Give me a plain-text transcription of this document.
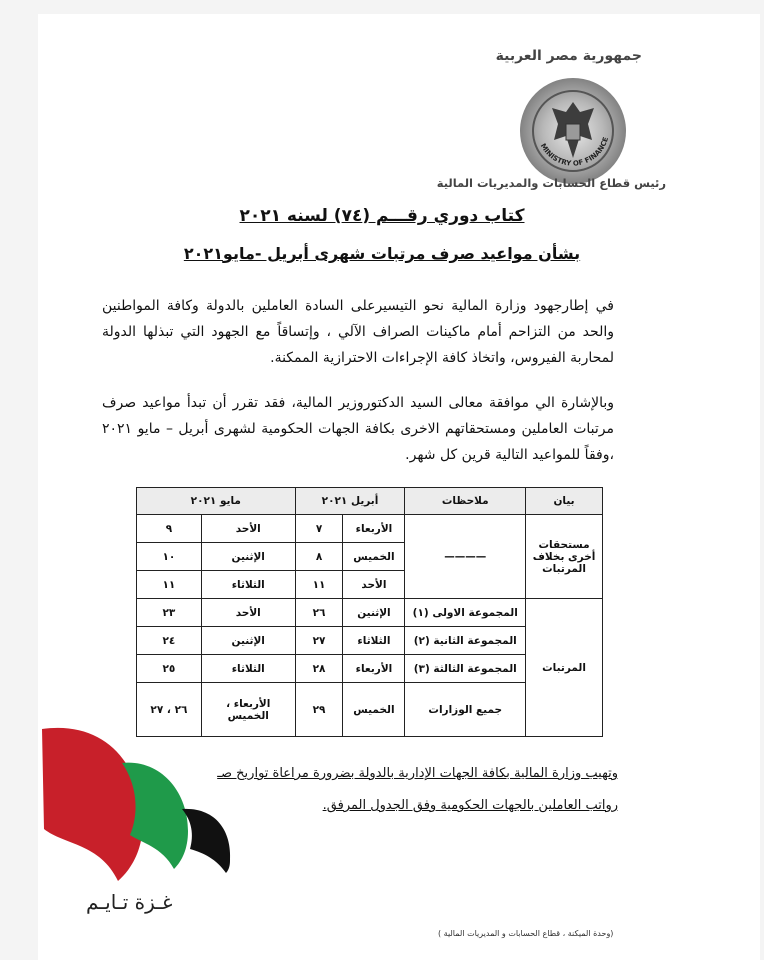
جمهورية مصر العربية
MINISTRY OF FINANCE
رئيس قطاع الحسابات والمديريات المالية
كتاب دوري رقـــم (٧٤) لسنه ٢٠٢١
بشأن مواعيد صرف مرتبات شهرى أبريل -مايو٢٠٢١
في إطارجهود وزارة المالية نحو التيسيرعلى السادة العاملين بالدولة وكافة المواطنين والحد من التزاحم أمام ماكينات الصراف الآلي ، وإتساقاً مع الجهود التي تبذلها الدولة لمحاربة الفيروس، واتخاذ كافة الإجراءات الاحترازية الممكنة.
وبالإشارة الي موافقة معالى السيد الدكتوروزير المالية، فقد تقرر أن تبدأ مواعيد صرف مرتبات العاملين ومستحقاتهم الاخرى بكافة الجهات الحكومية لشهرى أبريل – مايو ٢٠٢١ ،وفقاً للمواعيد التالية قرين كل شهر.
بيان	ملاحظات	أبريل ٢٠٢١		مايو ٢٠٢١	
مستحقات أخرى بخلاف المرتبات	————	الأربعاء	٧	الأحد	٩
		الخميس	٨	الإثنين	١٠
		الأحد	١١	الثلاثاء	١١
المرتبات	المجموعة الاولى (١)	الإثنين	٢٦	الأحد	٢٣
	المجموعة الثانية (٢)	الثلاثاء	٢٧	الإثنين	٢٤
	المجموعة الثالثة (٣)	الأربعاء	٢٨	الثلاثاء	٢٥
	جميع الوزارات	الخميس	٢٩	الأربعاء ، الخميس	٢٦ ، ٢٧
وتهيب وزارة المالية بكافة الجهات الإدارية بالدولة بضرورة مراعاة تواريخ صـ
رواتب العاملين بالجهات الحكومية وفق الجدول المرفق.
غـزة تـايـم
(وحدة الميكنة ، قطاع الحسابات و المديريات المالية )
